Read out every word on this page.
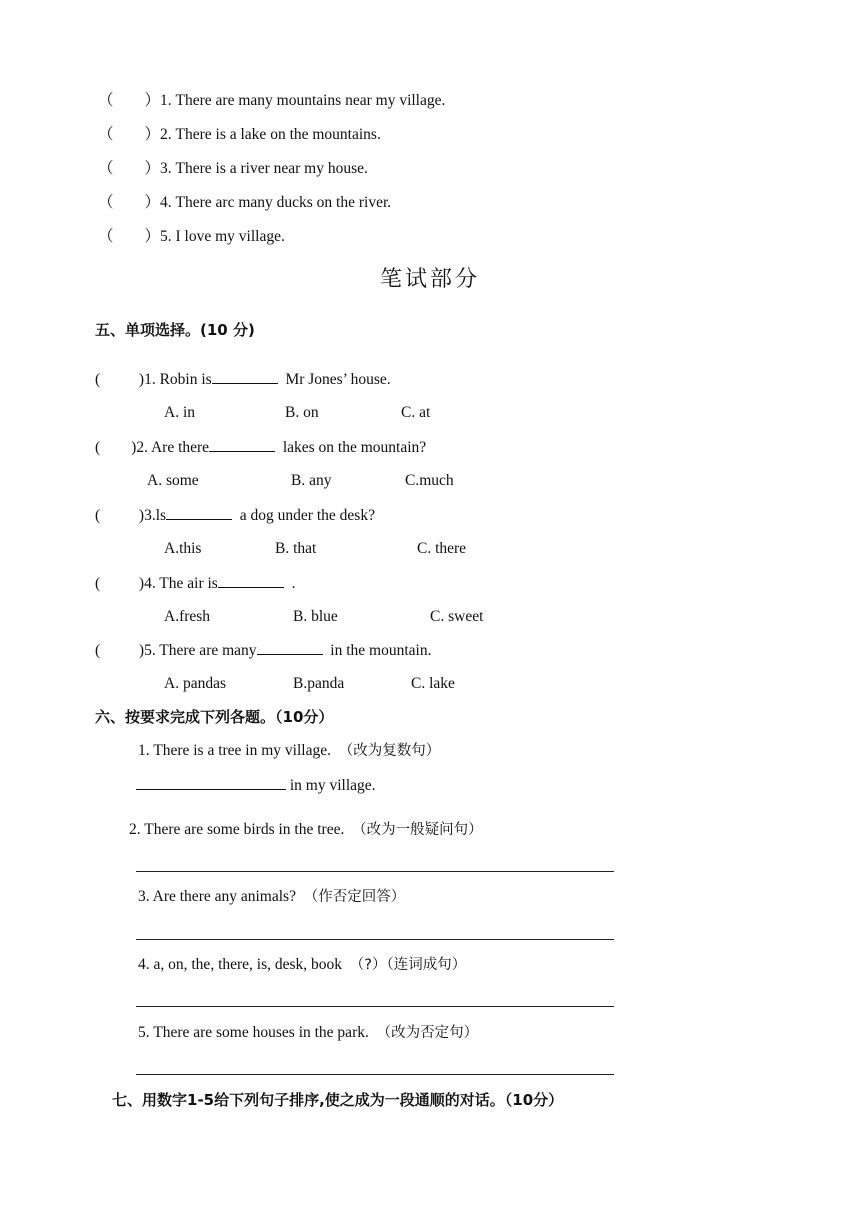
（        ）1. There are many mountains near my village.
（        ）2. There is a lake on the mountains.
（        ）3. There is a river near my house.
（        ）4. There arc many ducks on the river.
（        ）5. I love my village.
笔试部分
五、单项选择。(10 分)
(          )1. Robin is	Mr Jones’ house.
A. in	B. on	C. at
(        )2. Are there	lakes on the mountain?
A. some	B. any	C.much
(          )3.ls	a dog under the desk?
A.this	B. that	C. there
(          )4. The air is	.
A.fresh	B. blue	C. sweet
(          )5. There are many	in the mountain.
A. pandas	B.panda	C. lake
六、按要求完成下列各题。（10分）
1. There is a tree in my village. （改为复数句）
in my village.
2. There are some birds in the tree. （改为一般疑问句）
3. Are there any animals? （作否定回答）
4. a, on, the, there, is, desk, book （?）（连词成句）
5. There are some houses in the park. （改为否定句）
七、用数字1-5给下列句子排序,使之成为一段通顺的对话。（10分）
